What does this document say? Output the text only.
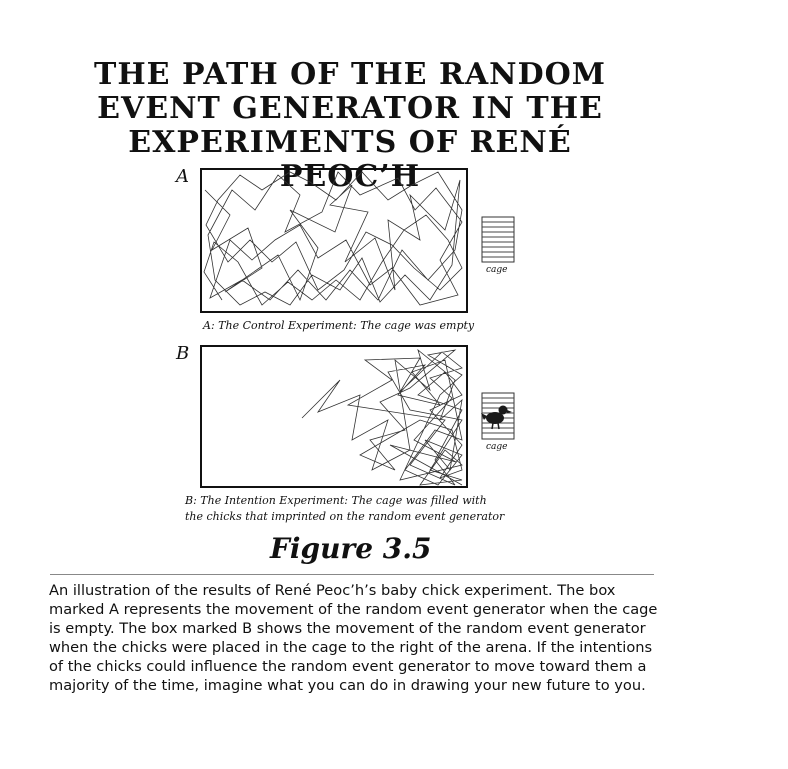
THE PATH OF THE RANDOM
EVENT GENERATOR IN THE
EXPERIMENTS OF RENÉ PEOC’H
A
B
cage
cage
A: The Control Experiment: The cage was empty
B: The Intention Experiment: The cage was filled with
the chicks that imprinted on the random event generator
Figure 3.5
An illustration of the results of René Peoc’h’s baby chick experiment. The box marked A represents the movement of the random event generator when the cage is empty. The box marked B shows the movement of the random event generator when the chicks were placed in the cage to the right of the arena. If the intentions of the chicks could influence the random event generator to move toward them a majority of the time, imagine what you can do in drawing your new future to you.
